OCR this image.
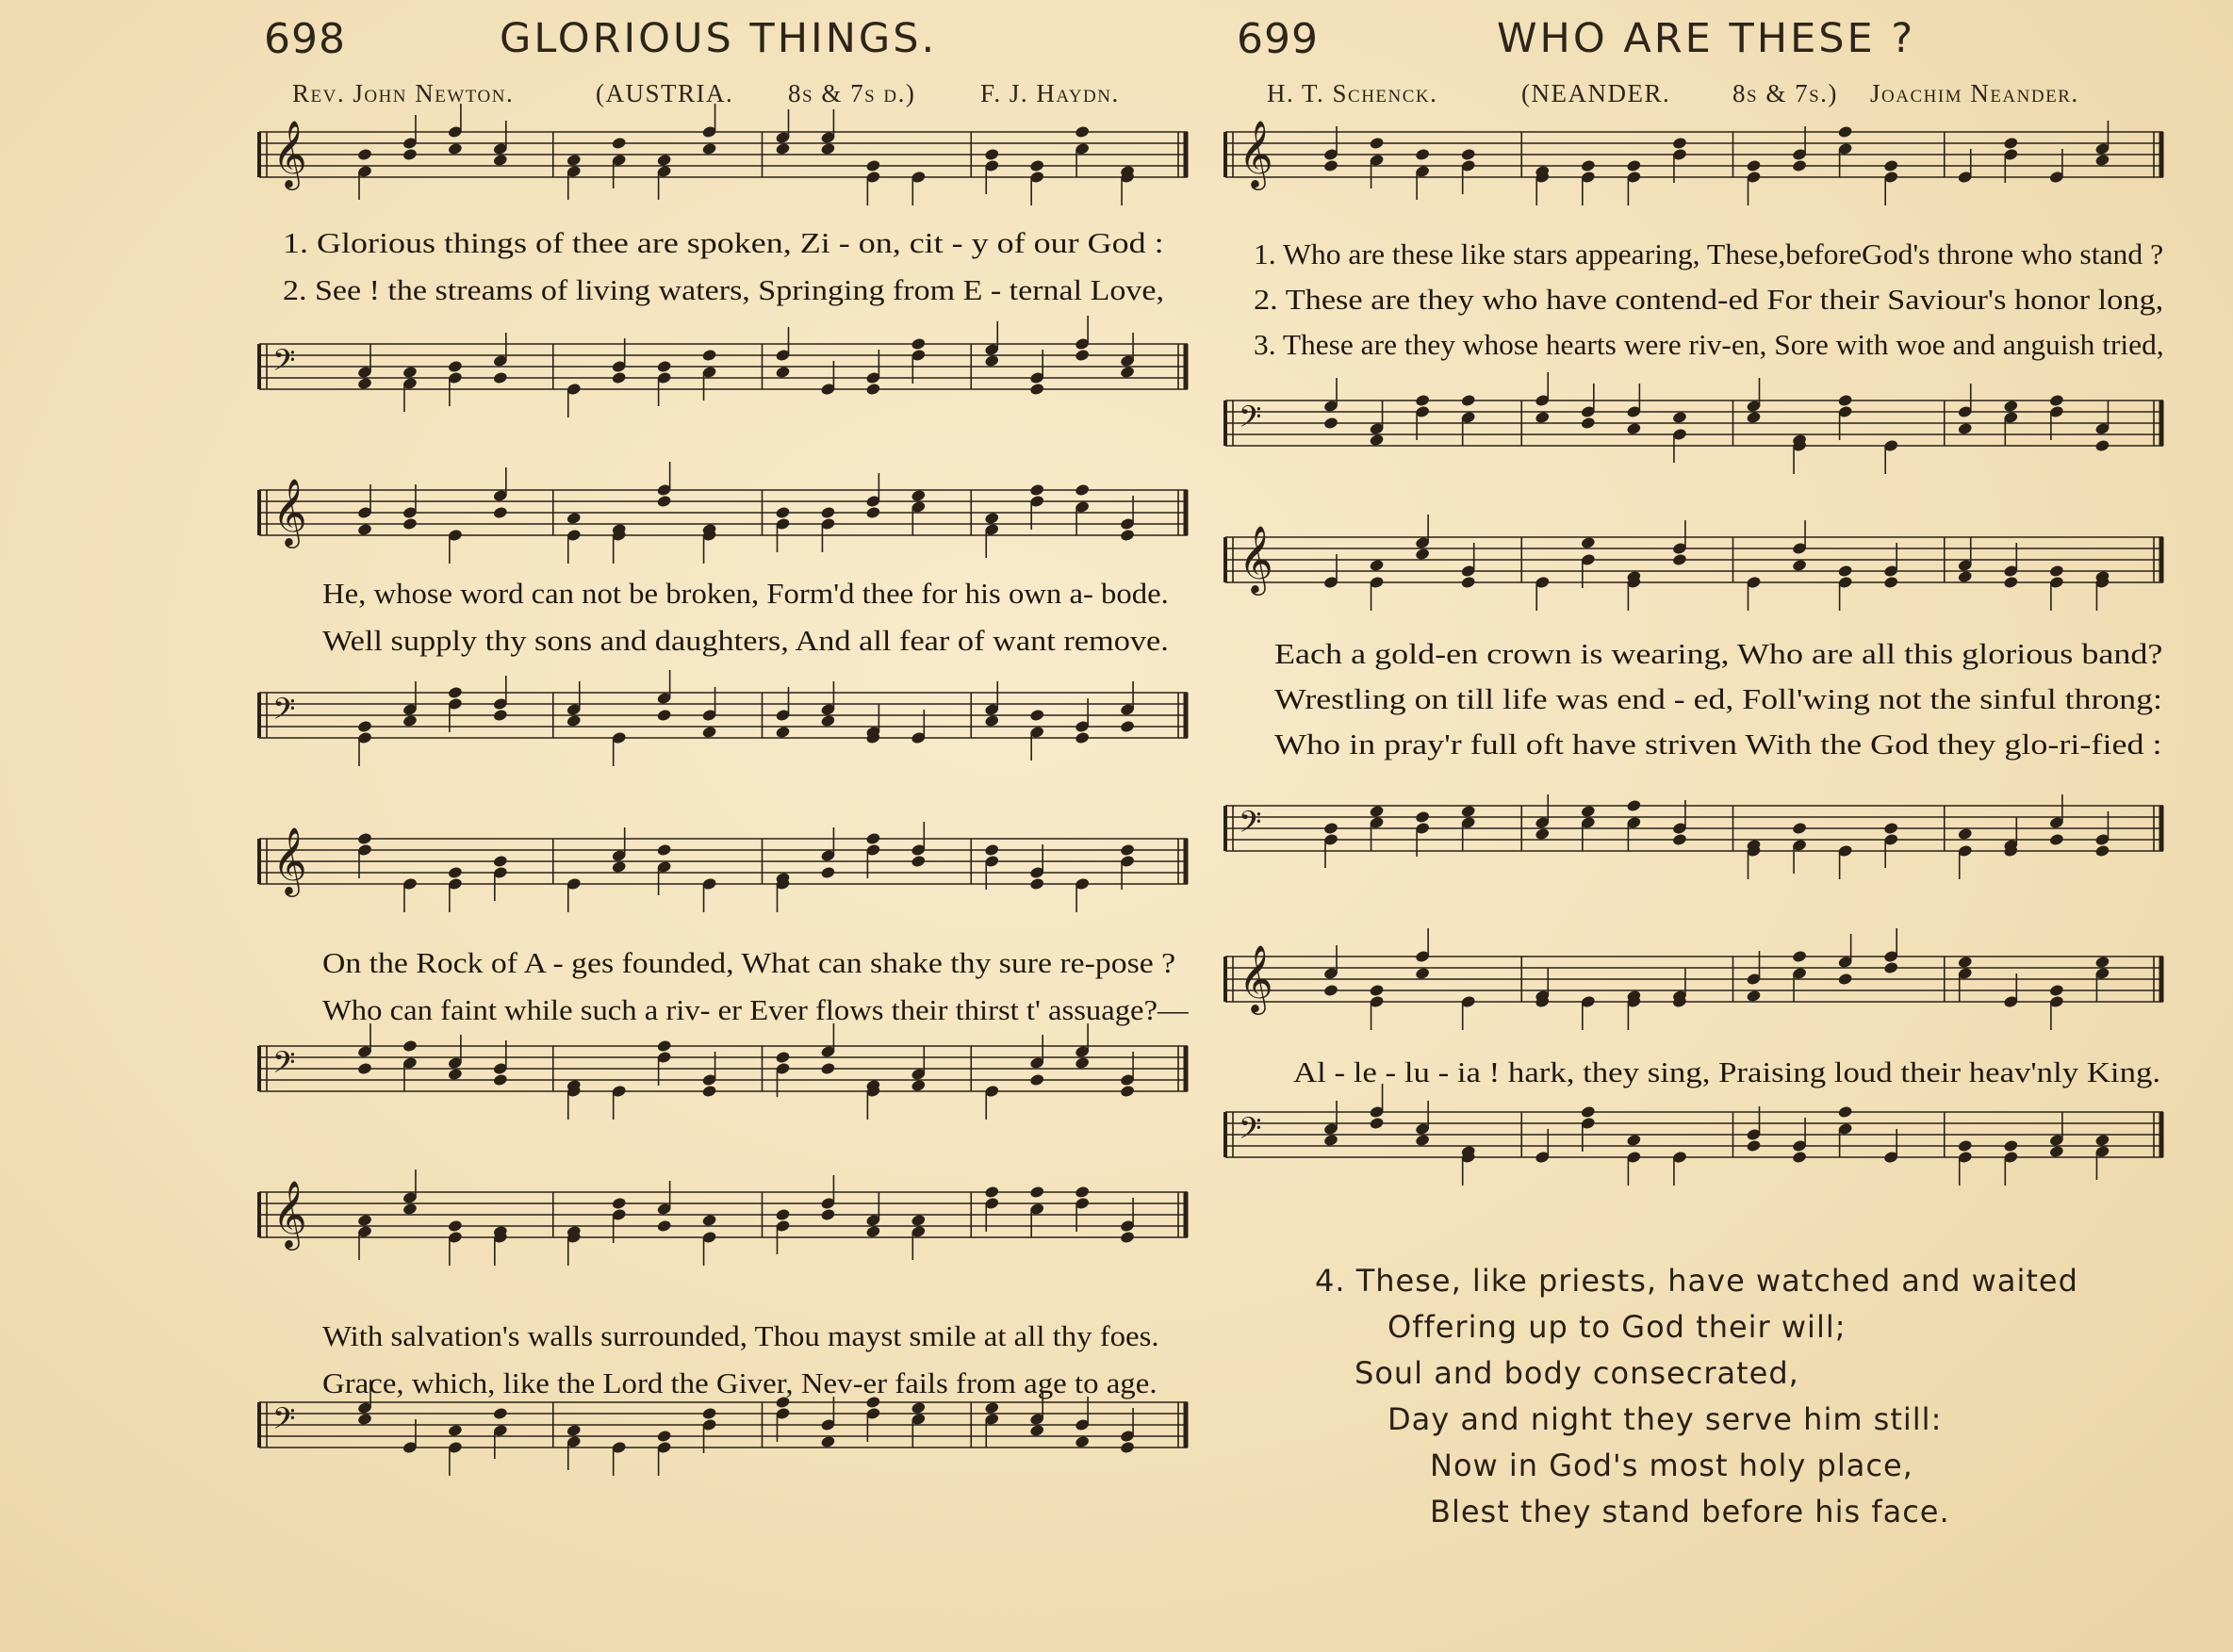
698	GLORIOUS THINGS.
Rev. John Newton.	(AUSTRIA. 8s & 7s d.)	F. J. Haydn.
699	WHO ARE THESE ?
H. T. Schenck.	(NEANDER. 8s & 7s.) Joachim Neander.
𝄞
𝄢
𝄞
𝄢
𝄞
𝄢
𝄞
𝄢
𝄞
𝄢
𝄞
𝄢
𝄞
𝄢
1. Glorious things of thee are spoken, Zi - on, cit - y of our God :
2. See ! the streams of living waters, Springing from E - ternal Love,
He, whose word can not be broken, Form'd thee for his own a- bode.
Well supply thy sons and daughters, And all fear of want remove.
On the Rock of A - ges founded, What can shake thy sure re-pose ?
Who can faint while such a riv- er Ever flows their thirst t' assuage?—
With salvation's walls surrounded, Thou mayst smile at all thy foes.
Grace, which, like the Lord the Giver, Nev-er fails from age to age.
1. Who are these like stars appearing, These,beforeGod's throne who stand ?
2. These are they who have contend-ed For their Saviour's honor long,
3. These are they whose hearts were riv-en, Sore with woe and anguish tried,
Each a gold-en crown is wearing, Who are all this glorious band?
Wrestling on till life was end - ed, Foll'wing not the sinful throng:
Who in pray'r full oft have striven With the God they glo-ri-fied :
Al - le - lu - ia ! hark, they sing, Praising loud their heav'nly King.
4. These, like priests, have watched and waited
Offering up to God their will;
Soul and body consecrated,
Day and night they serve him still:
Now in God's most holy place,
Blest they stand before his face.
